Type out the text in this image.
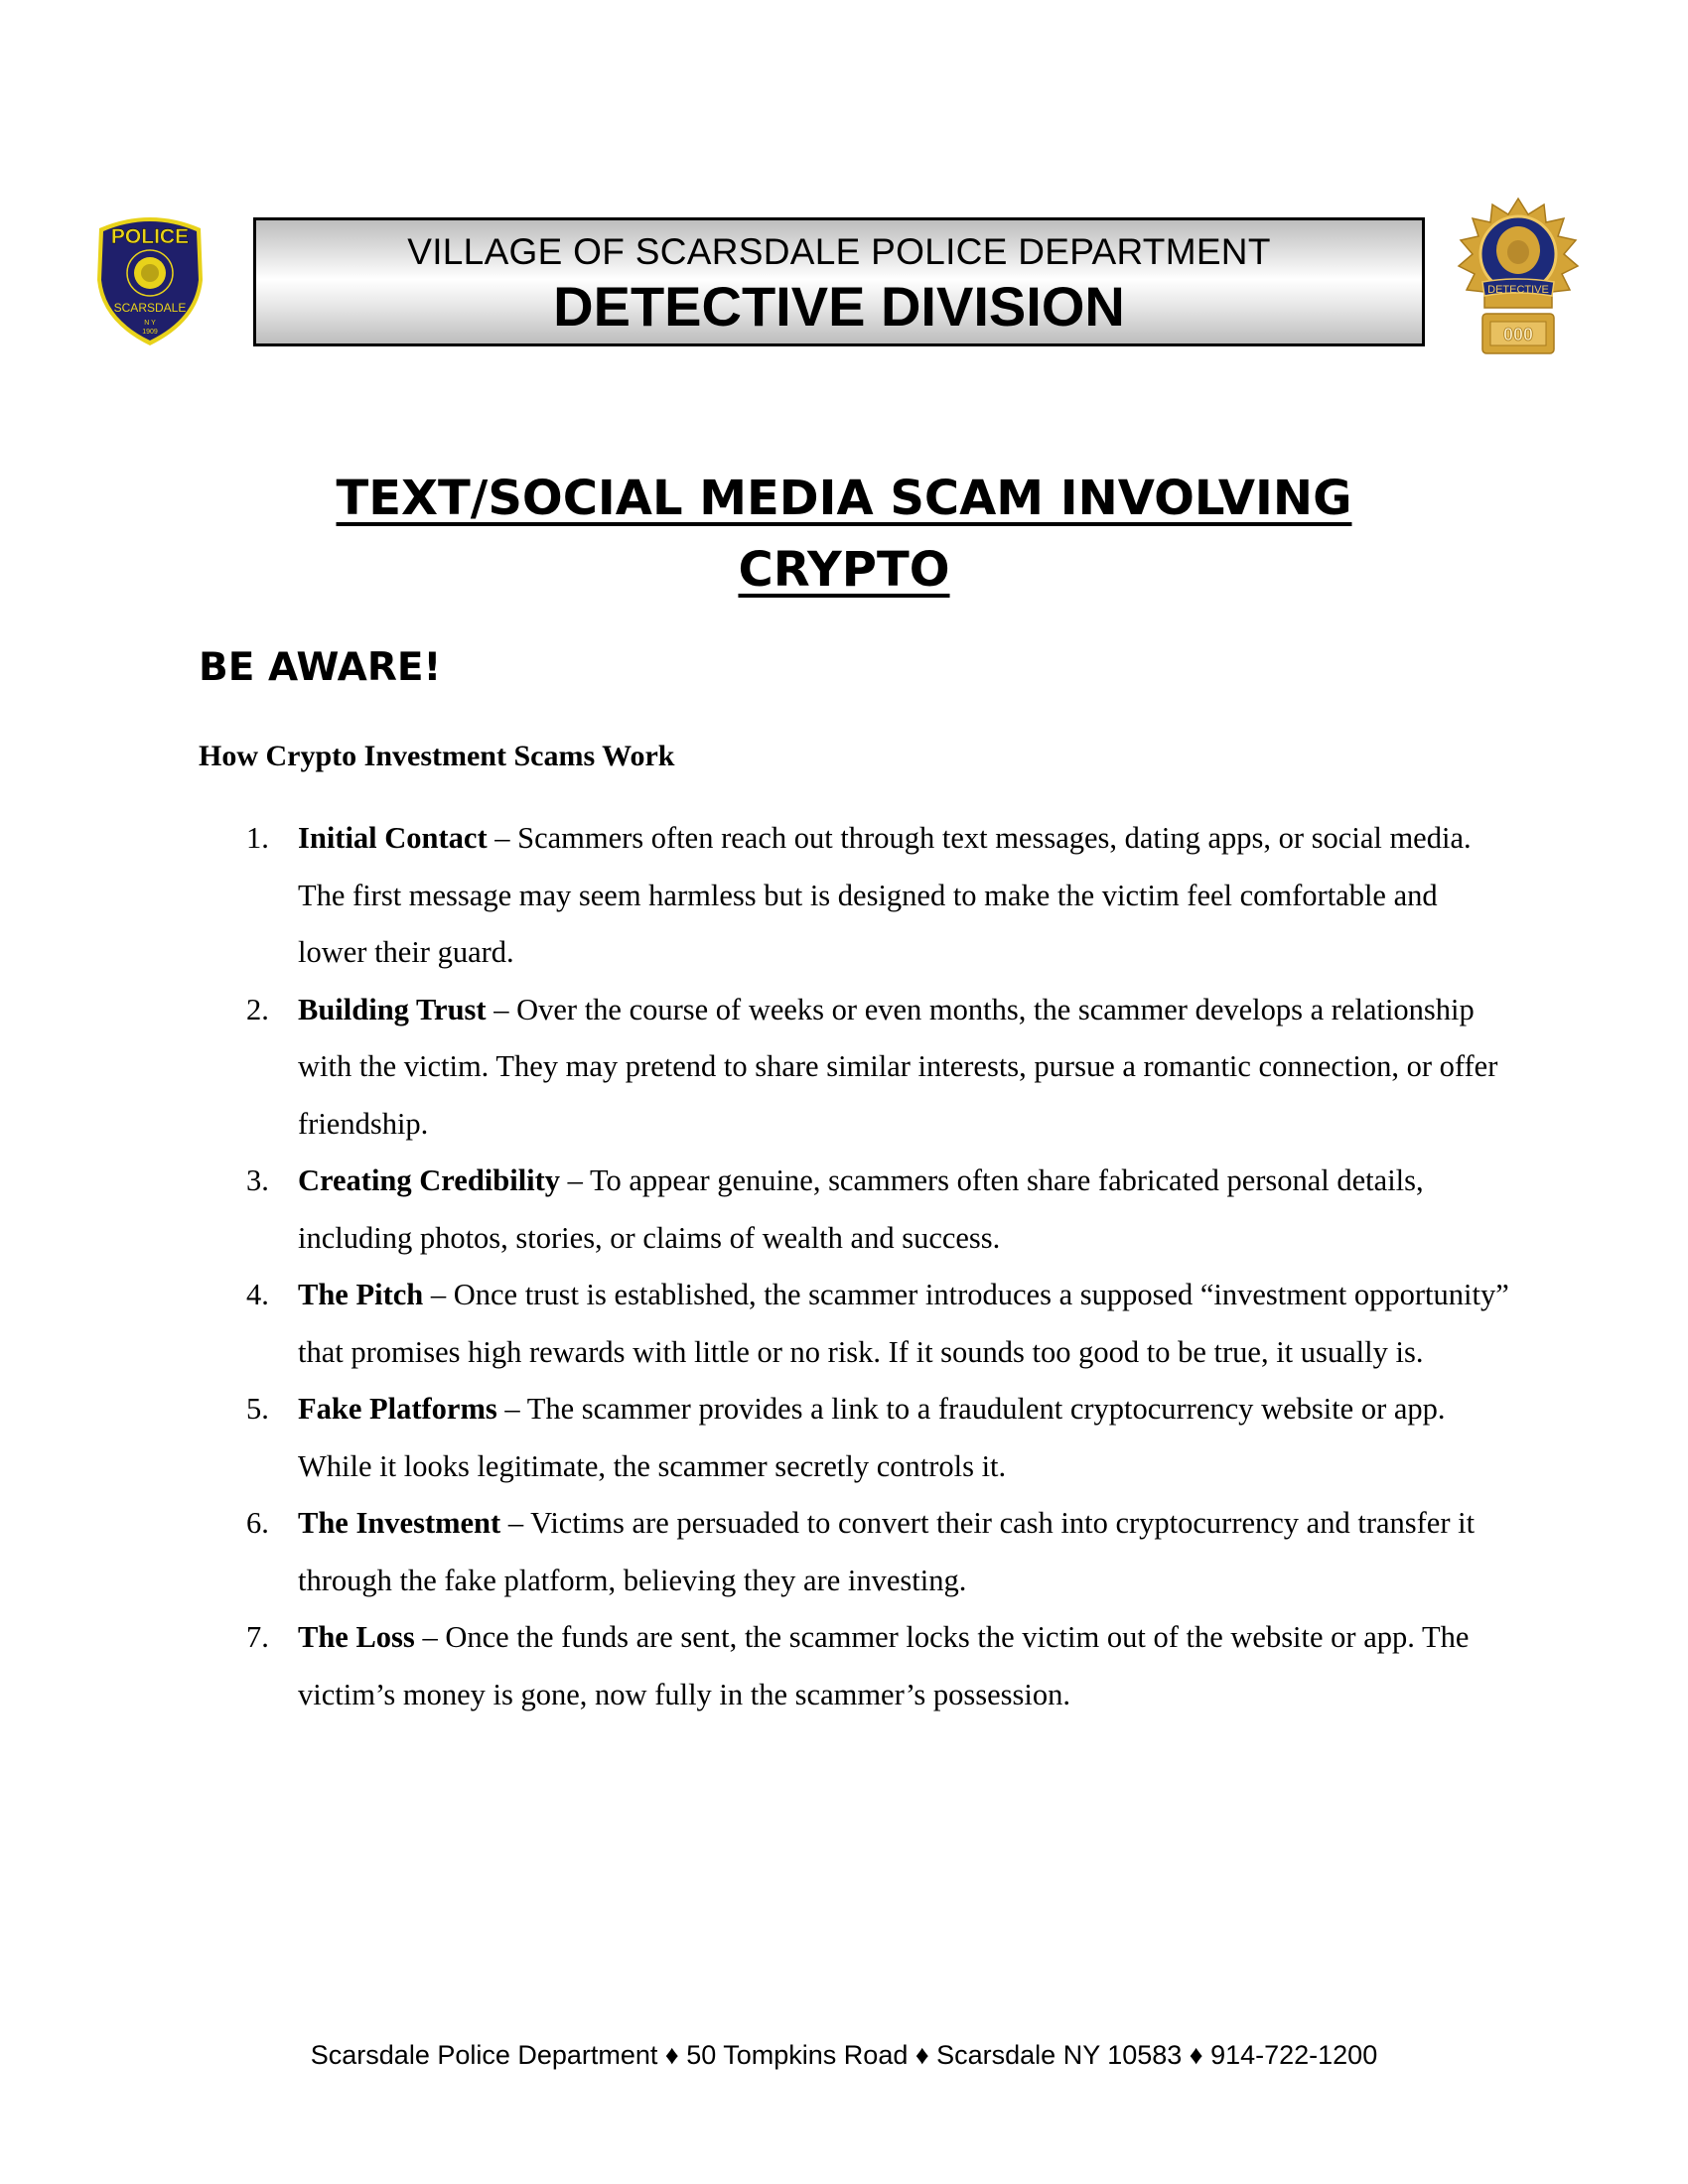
POLICE
SCARSDALE
N Y
1909
VILLAGE OF SCARSDALE POLICE DEPARTMENT
DETECTIVE DIVISION	DETECTIVE
000
TEXT/SOCIAL MEDIA SCAM INVOLVING
CRYPTO
BE AWARE!
How Crypto Investment Scams Work
1. Initial Contact – Scammers often reach out through text messages, dating apps, or social media. The first message may seem harmless but is designed to make the victim feel comfortable and lower their guard.
2. Building Trust – Over the course of weeks or even months, the scammer develops a relationship with the victim. They may pretend to share similar interests, pursue a romantic connection, or offer friendship.
3. Creating Credibility – To appear genuine, scammers often share fabricated personal details, including photos, stories, or claims of wealth and success.
4. The Pitch – Once trust is established, the scammer introduces a supposed “investment opportunity” that promises high rewards with little or no risk. If it sounds too good to be true, it usually is.
5. Fake Platforms – The scammer provides a link to a fraudulent cryptocurrency website or app. While it looks legitimate, the scammer secretly controls it.
6. The Investment – Victims are persuaded to convert their cash into cryptocurrency and transfer it through the fake platform, believing they are investing.
7. The Loss – Once the funds are sent, the scammer locks the victim out of the website or app. The victim’s money is gone, now fully in the scammer’s possession.
Scarsdale Police Department ♦ 50 Tompkins Road ♦ Scarsdale NY 10583 ♦ 914-722-1200
